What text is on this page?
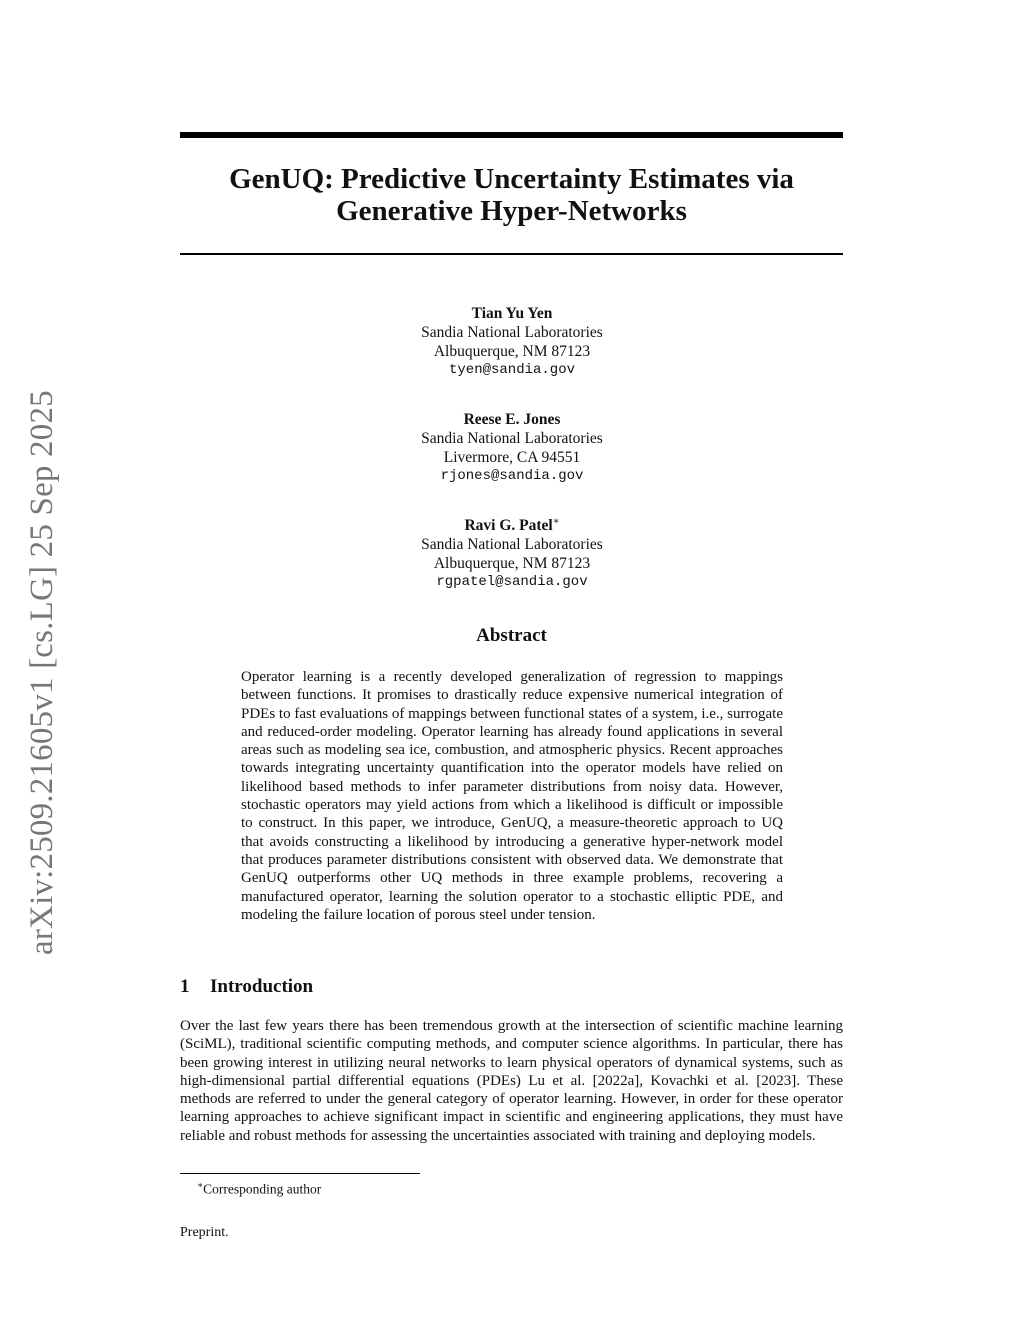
arXiv:2509.21605v1 [cs.LG] 25 Sep 2025
GenUQ: Predictive Uncertainty Estimates via Generative Hyper-Networks
Tian Yu Yen
Sandia National Laboratories
Albuquerque, NM 87123
tyen@sandia.gov
Reese E. Jones
Sandia National Laboratories
Livermore, CA 94551
rjones@sandia.gov
Ravi G. Patel∗
Sandia National Laboratories
Albuquerque, NM 87123
rgpatel@sandia.gov
Abstract

Operator learning is a recently developed generalization of regression to mappings between functions. It promises to drastically reduce expensive numerical integration of PDEs to fast evaluations of mappings between functional states of a system, i.e., surrogate and reduced-order modeling. Operator learning has already found applications in several areas such as modeling sea ice, combustion, and atmospheric physics. Recent approaches towards integrating uncertainty quantification into the operator models have relied on likelihood based methods to infer parameter distributions from noisy data. However, stochastic operators may yield actions from which a likelihood is difficult or impossible to construct. In this paper, we introduce, GenUQ, a measure-theoretic approach to UQ that avoids constructing a likelihood by introducing a generative hyper-network model that produces parameter distributions consistent with observed data. We demonstrate that GenUQ outperforms other UQ methods in three example problems, recovering a manufactured operator, learning the solution operator to a stochastic elliptic PDE, and modeling the failure location of porous steel under tension.

1 Introduction

Over the last few years there has been tremendous growth at the intersection of scientific machine learning (SciML), traditional scientific computing methods, and computer science algorithms. In particular, there has been growing interest in utilizing neural networks to learn physical operators of dynamical systems, such as high-dimensional partial differential equations (PDEs) Lu et al. [2022a], Kovachki et al. [2023]. These methods are referred to under the general category of operator learning. However, in order for these operator learning approaches to achieve significant impact in scientific and engineering applications, they must have reliable and robust methods for assessing the uncertainties associated with training and deploying models.

∗Corresponding author
Preprint.
